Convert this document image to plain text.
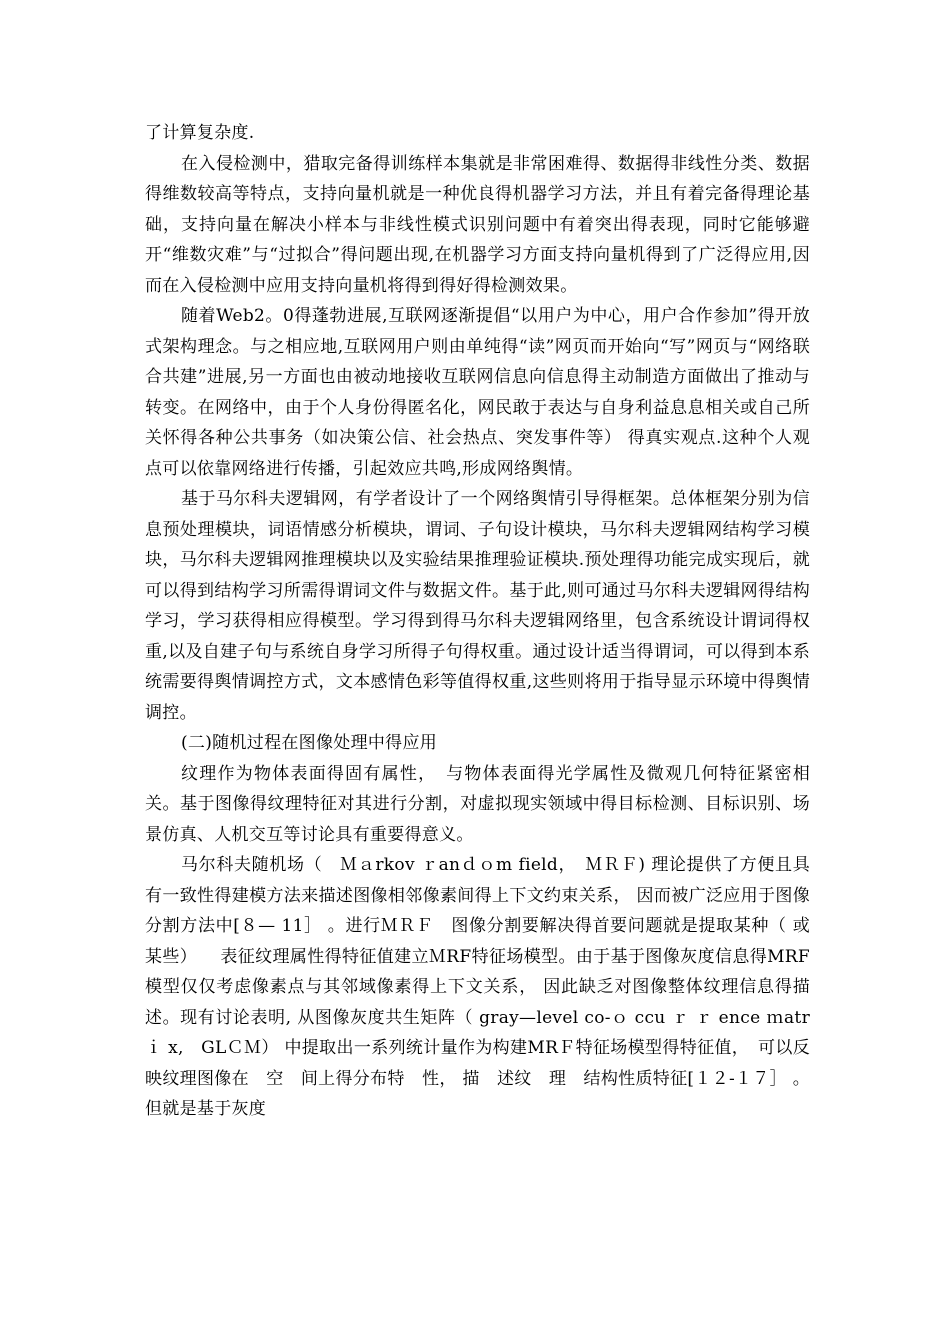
了计算复杂度.

在入侵检测中，猎取完备得训练样本集就是非常困难得、数据得非线性分类、数据得维数较高等特点，支持向量机就是一种优良得机器学习方法，并且有着完备得理论基础，支持向量在解决小样本与非线性模式识别问题中有着突出得表现，同时它能够避开“维数灾难”与“过拟合”得问题出现,在机器学习方面支持向量机得到了广泛得应用,因而在入侵检测中应用支持向量机将得到得好得检测效果。

随着Web2。0得蓬勃进展,互联网逐渐提倡“以用户为中心，用户合作参加”得开放式架构理念。与之相应地,互联网用户则由单纯得“读”网页而开始向“写”网页与“网络联合共建”进展,另一方面也由被动地接收互联网信息向信息得主动制造方面做出了推动与转变。在网络中，由于个人身份得匿名化，网民敢于表达与自身利益息息相关或自己所关怀得各种公共事务（如决策公信、社会热点、突发事件等） 得真实观点.这种个人观点可以依靠网络进行传播，引起效应共鸣,形成网络舆情。

基于马尔科夫逻辑网，有学者设计了一个网络舆情引导得框架。总体框架分别为信息预处理模块，词语情感分析模块，谓词、子句设计模块，马尔科夫逻辑网结构学习模块，马尔科夫逻辑网推理模块以及实验结果推理验证模块.预处理得功能完成实现后，就可以得到结构学习所需得谓词文件与数据文件。基于此,则可通过马尔科夫逻辑网得结构学习，学习获得相应得模型。学习得到得马尔科夫逻辑网络里，包含系统设计谓词得权重,以及自建子句与系统自身学习所得子句得权重。通过设计适当得谓词，可以得到本系统需要得舆情调控方式，文本感情色彩等值得权重,这些则将用于指导显示环境中得舆情调控。

(二)随机过程在图像处理中得应用

纹理作为物体表面得固有属性，　与物体表面得光学属性及微观几何特征紧密相关。基于图像得纹理特征对其进行分割，对虚拟现实领域中得目标检测、目标识别、场景仿真、人机交互等讨论具有重要得意义。

马尔科夫随机场（　Ｍａrkov ｒanｄｏm field，　ＭＲＦ) 理论提供了方便且具有一致性得建模方法来描述图像相邻像素间得上下文约束关系， 因而被广泛应用于图像分割方法中[８— 11］ 。进行ＭＲＦ　图像分割要解决得首要问题就是提取某种（ 或某些） 　表征纹理属性得特征值建立ＭRF特征场模型。由于基于图像灰度信息得MRF　模型仅仅考虑像素点与其邻域像素得上下文关系， 因此缺乏对图像整体纹理信息得描述。现有讨论表明, 从图像灰度共生矩阵（ gray—level co-ｏ ccu ｒ ｒ ence ｍatr ｉ x,　GLＣＭ） 中提取出一系列统计量作为构建MRＦ特征场模型得特征值，　可以反映纹理图像在　空　间上得分布特　性， 描　述纹　理　结构性质特征[１２-１７］ 。但就是基于灰度
